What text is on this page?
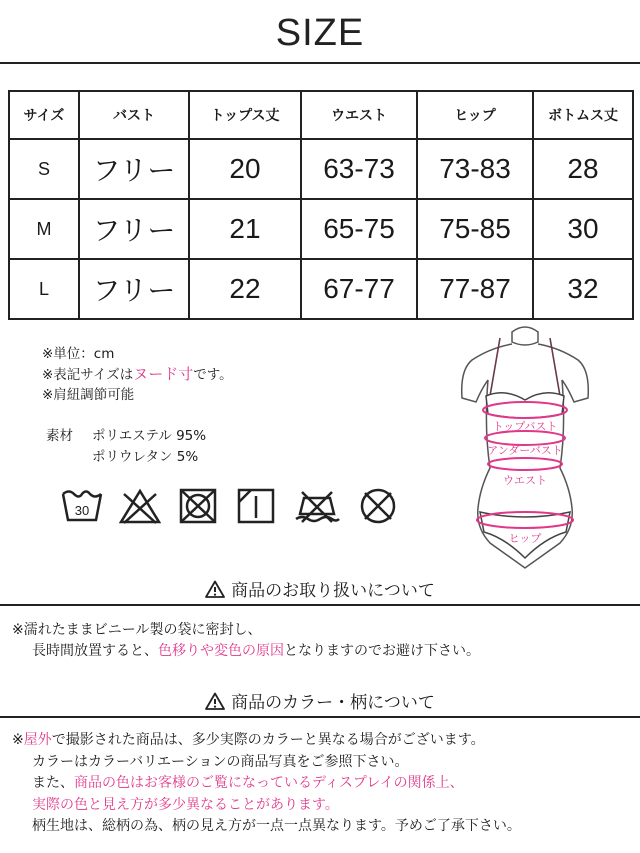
SIZE
サイズ	バスト	トップス丈	ウエスト	ヒップ	ボトムス丈
S	フリー	20	63-73	73-83	28
M	フリー	21	65-75	75-85	30
L	フリー	22	67-77	77-87	32
※単位：cm
※表記サイズはヌード寸です。
※肩紐調節可能
素材	ポリエステル 95%
ポリウレタン 5%
30
トップバスト
アンダーバスト
ウエスト
ヒップ
商品のお取り扱いについて
※濡れたままビニール製の袋に密封し、
長時間放置すると、色移りや変色の原因となりますのでお避け下さい。
商品のカラー・柄について
※屋外で撮影された商品は、多少実際のカラーと異なる場合がございます。
カラーはカラーバリエーションの商品写真をご参照下さい。
また、商品の色はお客様のご覧になっているディスプレイの関係上、
実際の色と見え方が多少異なることがあります。
柄生地は、総柄の為、柄の見え方が一点一点異なります。予めご了承下さい。
